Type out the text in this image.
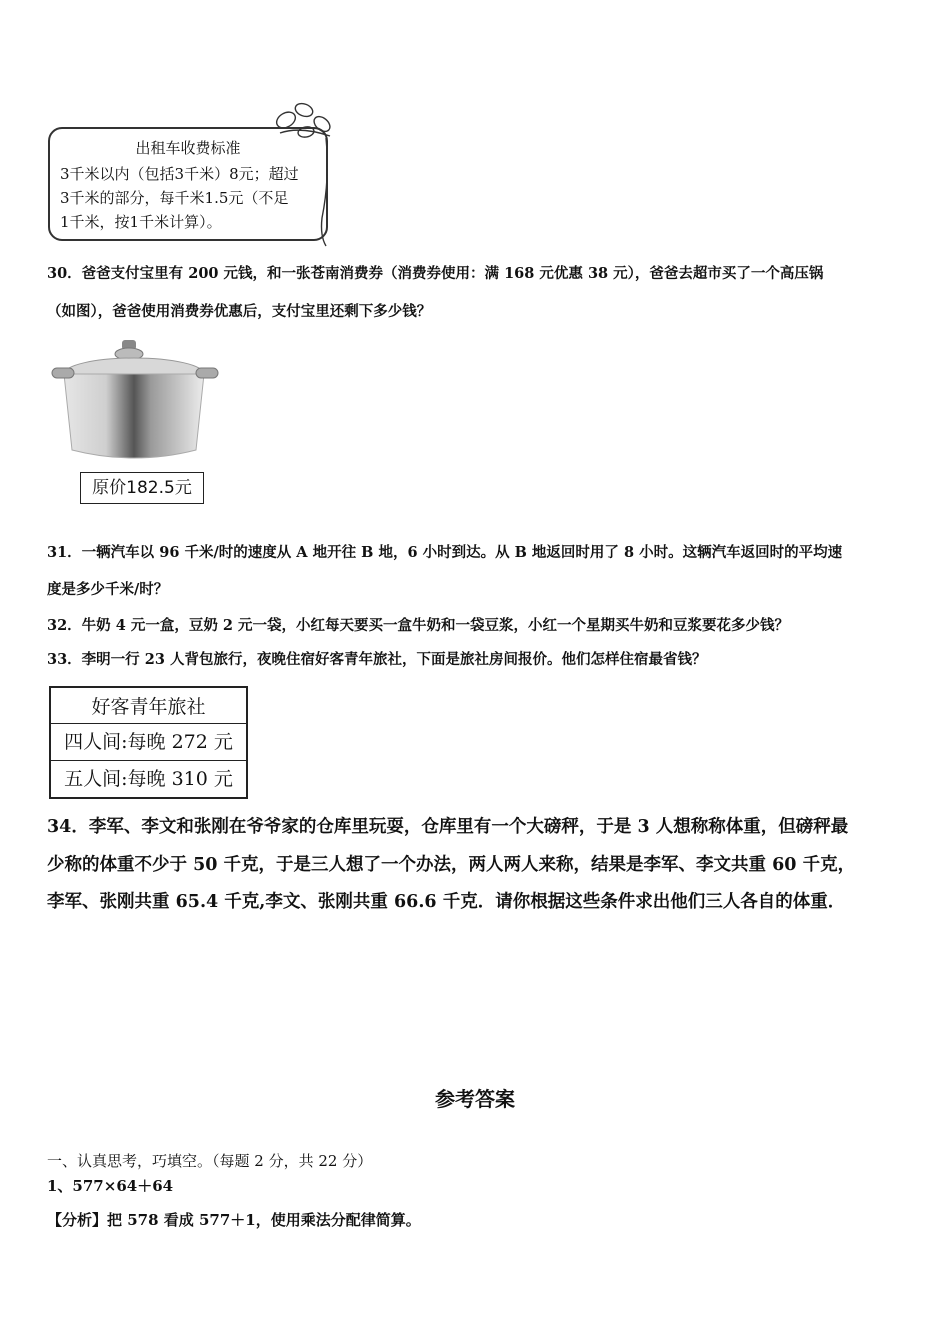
出租车收费标准
3千米以内（包括3千米）8元；超过
3千米的部分，每千米1.5元（不足
1千米，按1千米计算）。
30．爸爸支付宝里有 200 元钱，和一张苍南消费券（消费券使用：满 168 元优惠 38 元），爸爸去超市买了一个高压锅
（如图），爸爸使用消费券优惠后，支付宝里还剩下多少钱？
原价182.5元
31．一辆汽车以 96 千米/时的速度从 A 地开往 B 地，6 小时到达。从 B 地返回时用了 8 小时。这辆汽车返回时的平均速
度是多少千米/时？
32．牛奶 4 元一盒，豆奶 2 元一袋，小红每天要买一盒牛奶和一袋豆浆，小红一个星期买牛奶和豆浆要花多少钱？
33．李明一行 23 人背包旅行，夜晚住宿好客青年旅社，下面是旅社房间报价。他们怎样住宿最省钱？
好客青年旅社
四人间:每晚 272 元
五人间:每晚 310 元
34．李军、李文和张刚在爷爷家的仓库里玩耍，仓库里有一个大磅秤，于是 3 人想称称体重，但磅秤最
少称的体重不少于 50 千克，于是三人想了一个办法，两人两人来称，结果是李军、李文共重 60 千克，
李军、张刚共重 65.4 千克,李文、张刚共重 66.6 千克．请你根据这些条件求出他们三人各自的体重．
参考答案
一、认真思考，巧填空。（每题 2 分，共 22 分）
1、577×64＋64
【分析】把 578 看成 577＋1，使用乘法分配律简算。
